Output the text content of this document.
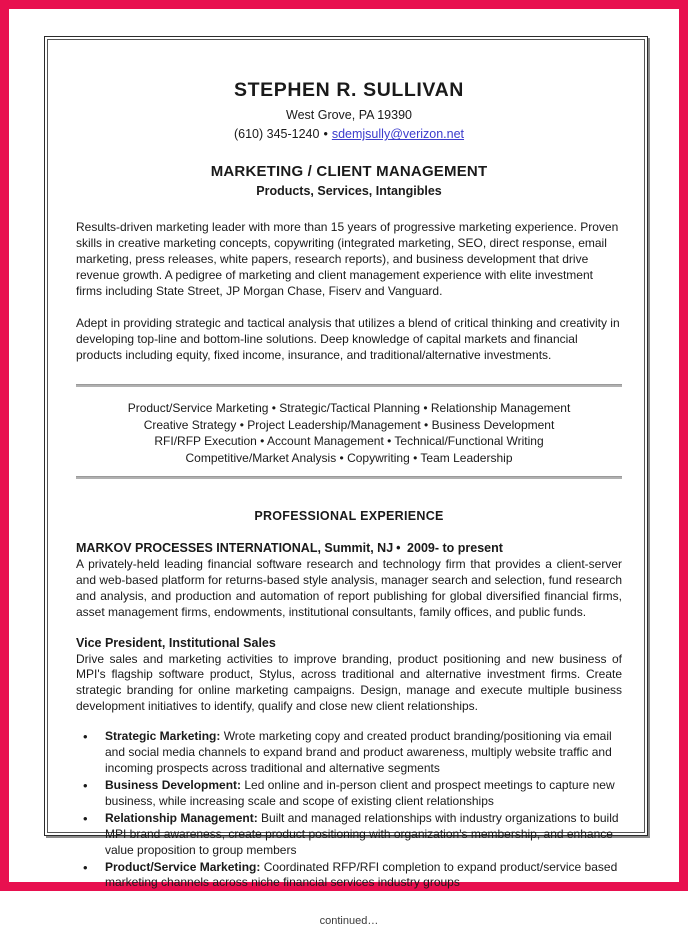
STEPHEN R. SULLIVAN
West Grove, PA 19390
(610) 345-1240 • sdemjsully@verizon.net
MARKETING / CLIENT MANAGEMENT
Products, Services, Intangibles

Results-driven marketing leader with more than 15 years of progressive marketing experience. Proven skills in creative marketing concepts, copywriting (integrated marketing, SEO, direct response, email marketing, press releases, white papers, research reports), and business development that drive revenue growth. A pedigree of marketing and client management experience with elite investment firms including State Street, JP Morgan Chase, Fiserv and Vanguard.

Adept in providing strategic and tactical analysis that utilizes a blend of critical thinking and creativity in developing top-line and bottom-line solutions. Deep knowledge of capital markets and financial products including equity, fixed income, insurance, and traditional/alternative investments.

Product/Service Marketing • Strategic/Tactical Planning • Relationship Management
Creative Strategy • Project Leadership/Management • Business Development
RFI/RFP Execution • Account Management • Technical/Functional Writing
Competitive/Market Analysis • Copywriting • Team Leadership
PROFESSIONAL EXPERIENCE
MARKOV PROCESSES INTERNATIONAL, Summit, NJ • 2009- to present

A privately-held leading financial software research and technology firm that provides a client-server and web-based platform for returns-based style analysis, manager search and selection, fund research and analysis, and production and automation of report publishing for global diversified financial firms, asset management firms, endowments, institutional consultants, family offices, and public funds.

Vice President, Institutional Sales

Drive sales and marketing activities to improve branding, product positioning and new business of MPI's flagship software product, Stylus, across traditional and alternative investment firms. Create strategic branding for online marketing campaigns. Design, manage and execute multiple business development initiatives to identify, qualify and close new client relationships.

• Strategic Marketing: Wrote marketing copy and created product branding/positioning via email and social media channels to expand brand and product awareness, multiply website traffic and incoming prospects across traditional and alternative segments
• Business Development: Led online and in-person client and prospect meetings to capture new business, while increasing scale and scope of existing client relationships
• Relationship Management: Built and managed relationships with industry organizations to build MPI brand awareness, create product positioning with organization's membership, and enhance value proposition to group members
• Product/Service Marketing: Coordinated RFP/RFI completion to expand product/service based marketing channels across niche financial services industry groups
continued…
